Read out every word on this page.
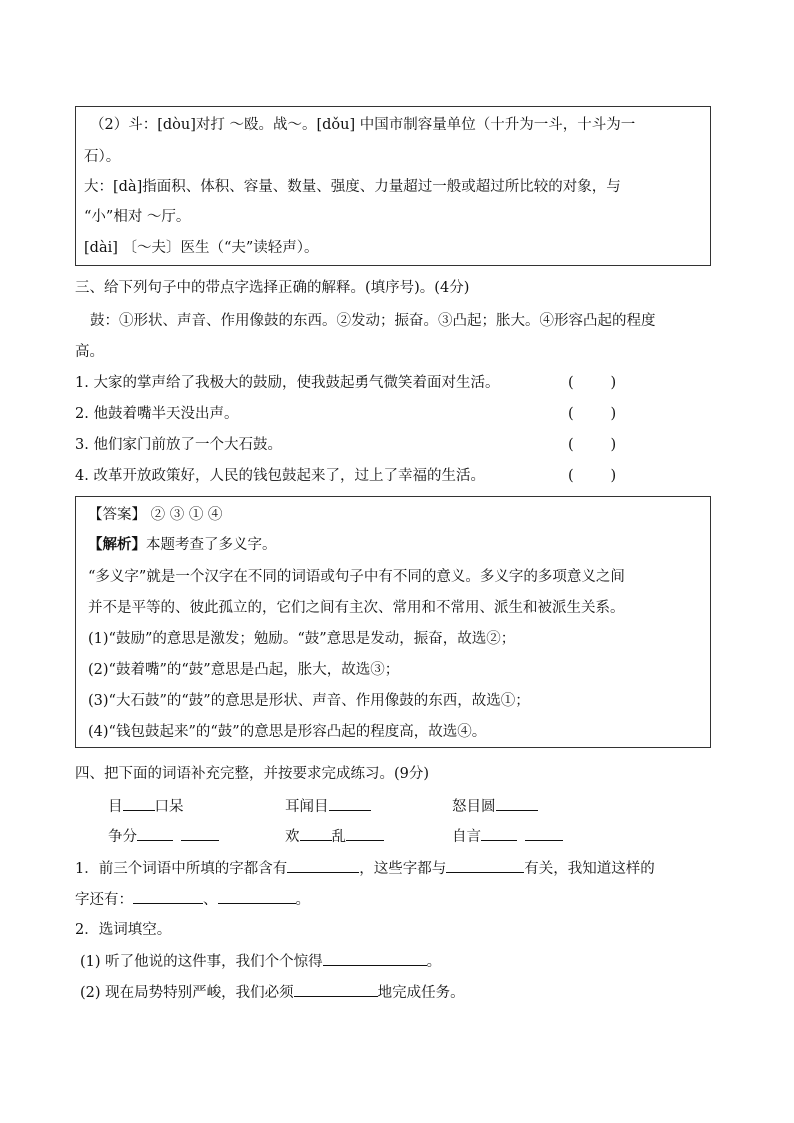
（2）斗：[dòu]对打 ～殴。战～。[dǒu] 中国市制容量单位（十升为一斗，十斗为一
石）。
大：[dà]指面积、体积、容量、数量、强度、力量超过一般或超过所比较的对象，与
“小”相对 ～厅。
[dài] 〔～夫〕医生（“夫”读轻声）。
三、给下列句子中的带点字选择正确的解释。(填序号)。(4分)
鼓：①形状、声音、作用像鼓的东西。②发动；振奋。③凸起；胀大。④形容凸起的程度
高。
1. 大家的掌声给了我极大的鼓励，使我鼓起勇气微笑着面对生活。	(        )
2. 他鼓着嘴半天没出声。	(        )
3. 他们家门前放了一个大石鼓。	(        )
4. 改革开放政策好，人民的钱包鼓起来了，过上了幸福的生活。	(        )
【答案】 ② ③ ① ④
【解析】本题考查了多义字。
“多义字”就是一个汉字在不同的词语或句子中有不同的意义。多义字的多项意义之间
并不是平等的、彼此孤立的，它们之间有主次、常用和不常用、派生和被派生关系。
(1)“鼓励”的意思是激发；勉励。“鼓”意思是发动，振奋，故选②；
(2)“鼓着嘴”的“鼓”意思是凸起，胀大，故选③；
(3)“大石鼓”的“鼓”的意思是形状、声音、作用像鼓的东西，故选①；
(4)“钱包鼓起来”的“鼓”的意思是形容凸起的程度高，故选④。
四、把下面的词语补充完整，并按要求完成练习。(9分)
目 口呆	耳闻目	怒目圆
争分	欢 乱	自言
1．前三个词语中所填的字都含有	，这些字都与	有关，我知道这样的
字还有：	、	。
2．选词填空。
(1) 听了他说的这件事，我们个个惊得	。
(2) 现在局势特别严峻，我们必须	地完成任务。
